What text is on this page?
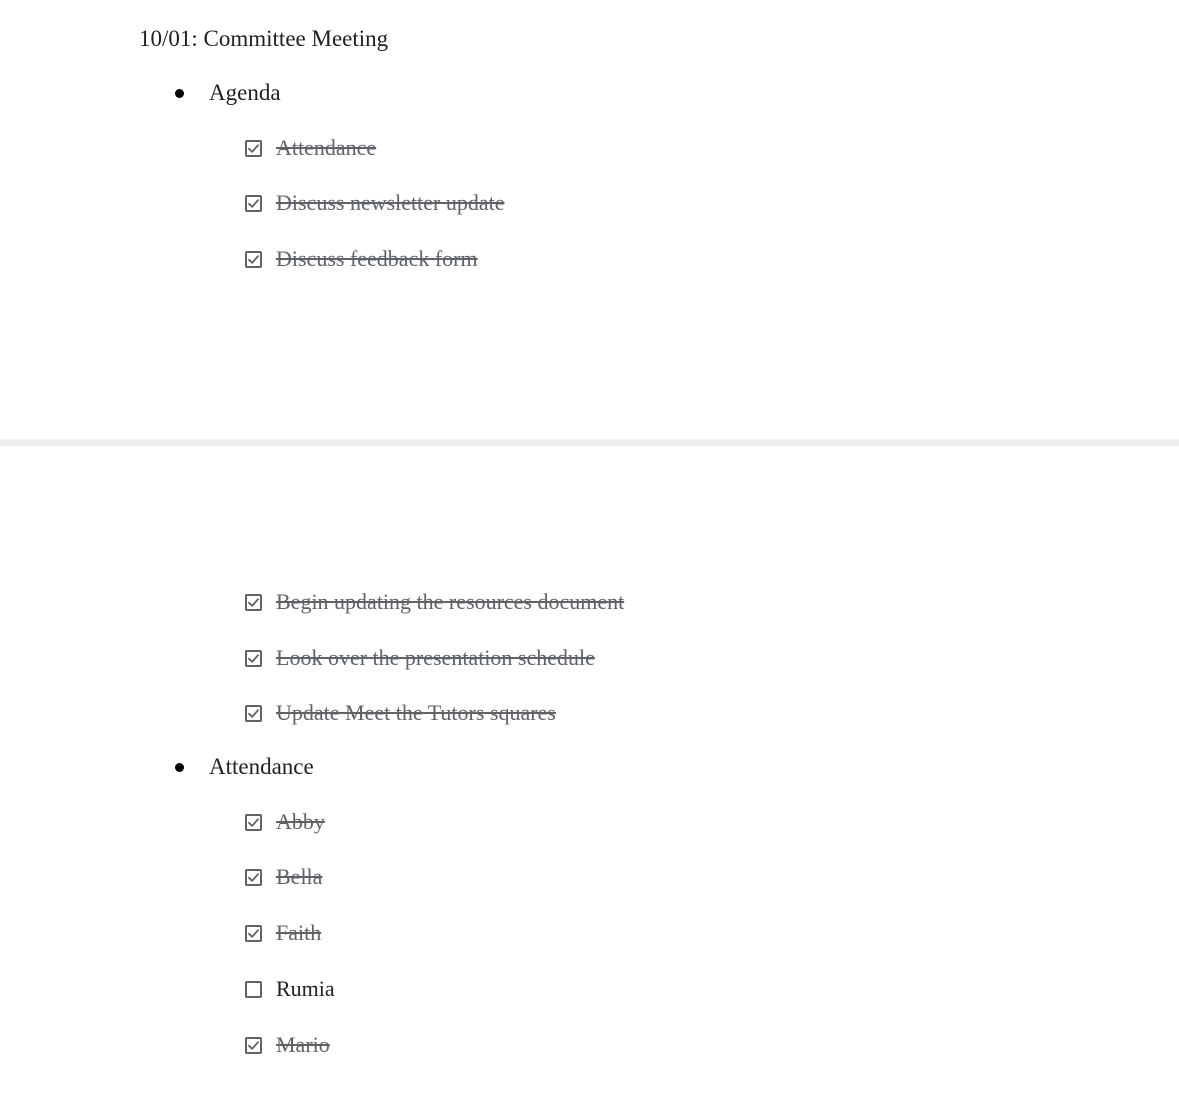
10/01: Committee Meeting
Agenda
Attendance
Discuss newsletter update
Discuss feedback form
Begin updating the resources document
Look over the presentation schedule
Update Meet the Tutors squares
Attendance
Abby
Bella
Faith
Rumia
Mario
